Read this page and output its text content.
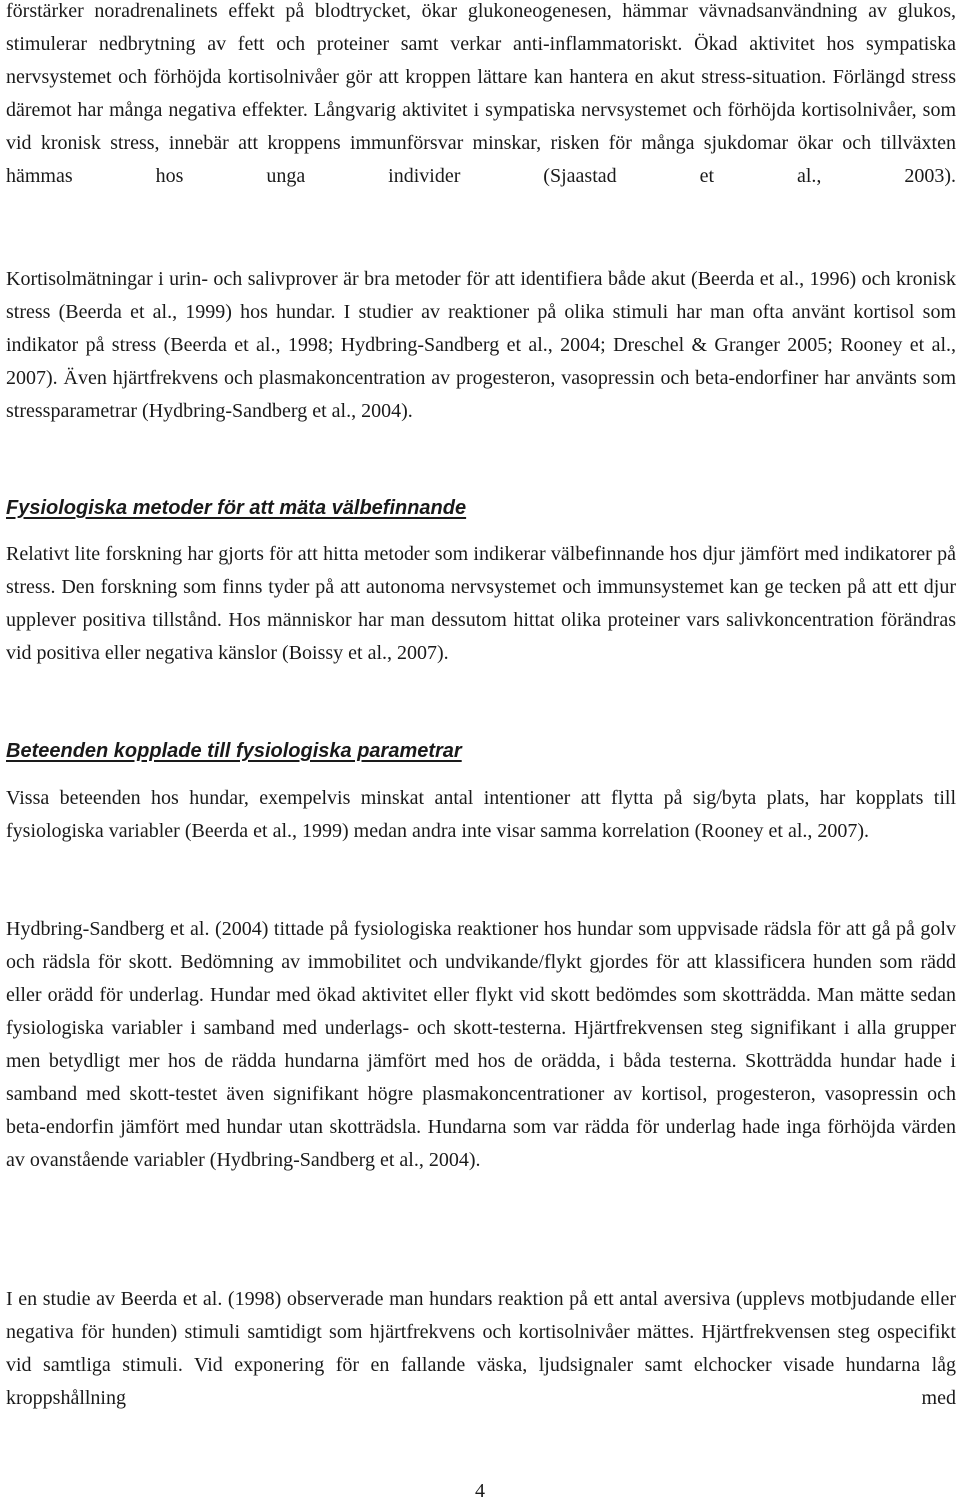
förstärker noradrenalinets effekt på blodtrycket, ökar glukoneogenesen, hämmar vävnadsanvändning av glukos, stimulerar nedbrytning av fett och proteiner samt verkar anti-inflammatoriskt. Ökad aktivitet hos sympatiska nervsystemet och förhöjda kortisolnivåer gör att kroppen lättare kan hantera en akut stress-situation. Förlängd stress däremot har många negativa effekter. Långvarig aktivitet i sympatiska nervsystemet och förhöjda kortisolnivåer, som vid kronisk stress, innebär att kroppens immunförsvar minskar, risken för många sjukdomar ökar och tillväxten hämmas hos unga individer (Sjaastad et al., 2003).

Kortisolmätningar i urin- och salivprover är bra metoder för att identifiera både akut (Beerda et al., 1996) och kronisk stress (Beerda et al., 1999) hos hundar. I studier av reaktioner på olika stimuli har man ofta använt kortisol som indikator på stress (Beerda et al., 1998; Hydbring-Sandberg et al., 2004; Dreschel & Granger 2005; Rooney et al., 2007). Även hjärtfrekvens och plasmakoncentration av progesteron, vasopressin och beta-endorfiner har använts som stressparametrar (Hydbring-Sandberg et al., 2004).

Fysiologiska metoder för att mäta välbefinnande

Relativt lite forskning har gjorts för att hitta metoder som indikerar välbefinnande hos djur jämfört med indikatorer på stress. Den forskning som finns tyder på att autonoma nervsystemet och immunsystemet kan ge tecken på att ett djur upplever positiva tillstånd. Hos människor har man dessutom hittat olika proteiner vars salivkoncentration förändras vid positiva eller negativa känslor (Boissy et al., 2007).

Beteenden kopplade till fysiologiska parametrar

Vissa beteenden hos hundar, exempelvis minskat antal intentioner att flytta på sig/byta plats, har kopplats till fysiologiska variabler (Beerda et al., 1999) medan andra inte visar samma korrelation (Rooney et al., 2007).

Hydbring-Sandberg et al. (2004) tittade på fysiologiska reaktioner hos hundar som uppvisade rädsla för att gå på golv och rädsla för skott. Bedömning av immobilitet och undvikande/flykt gjordes för att klassificera hunden som rädd eller orädd för underlag. Hundar med ökad aktivitet eller flykt vid skott bedömdes som skotträdda. Man mätte sedan fysiologiska variabler i samband med underlags- och skott-testerna. Hjärtfrekvensen steg signifikant i alla grupper men betydligt mer hos de rädda hundarna jämfört med hos de orädda, i båda testerna. Skotträdda hundar hade i samband med skott-testet även signifikant högre plasmakoncentrationer av kortisol, progesteron, vasopressin och beta-endorfin jämfört med hundar utan skotträdsla. Hundarna som var rädda för underlag hade inga förhöjda värden av ovanstående variabler (Hydbring-Sandberg et al., 2004).

I en studie av Beerda et al. (1998) observerade man hundars reaktion på ett antal aversiva (upplevs motbjudande eller negativa för hunden) stimuli samtidigt som hjärtfrekvens och kortisolnivåer mättes. Hjärtfrekvensen steg ospecifikt vid samtliga stimuli. Vid exponering för en fallande väska, ljudsignaler samt elchocker visade hundarna låg kroppshållning med

4
